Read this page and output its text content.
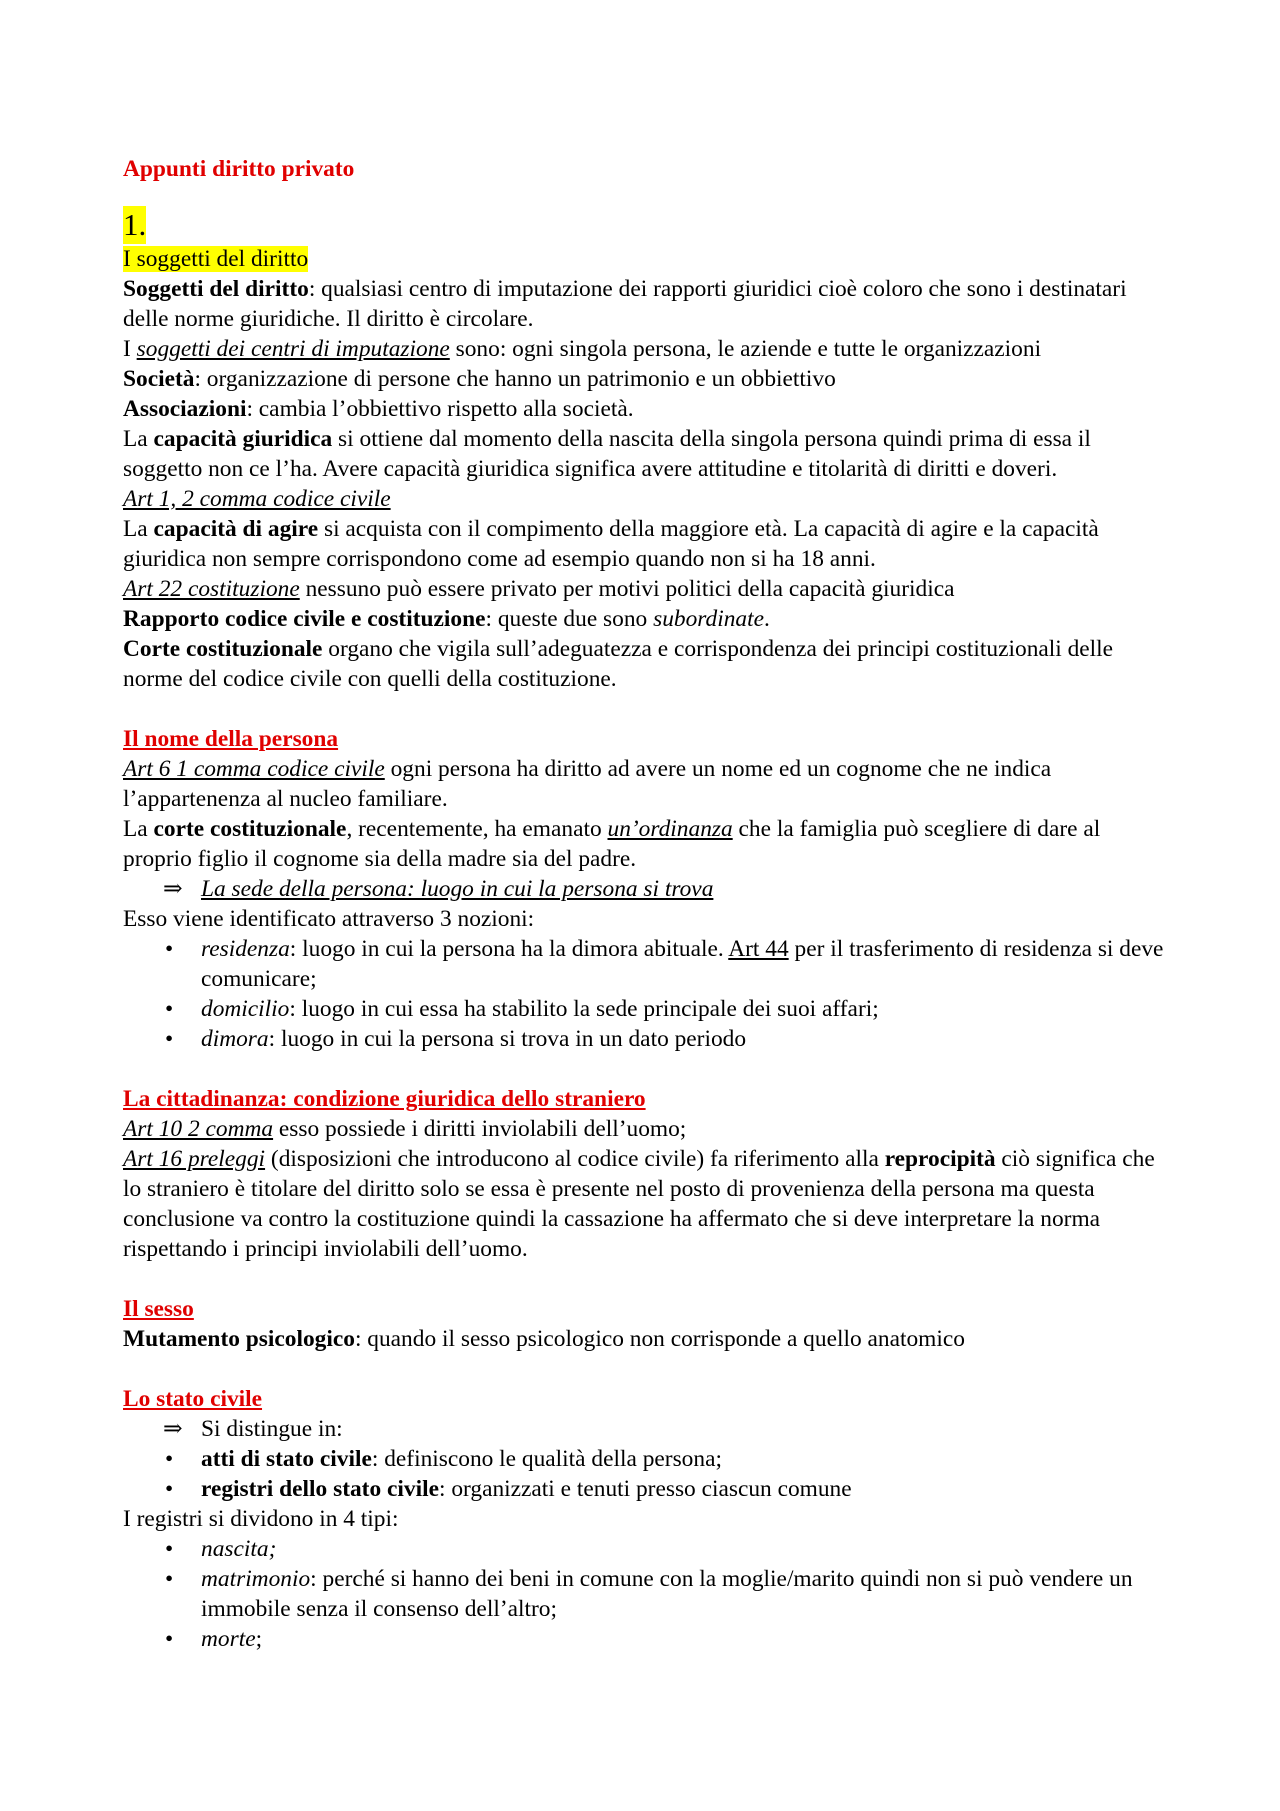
Appunti diritto privato

1.
I soggetti del diritto

Soggetti del diritto: qualsiasi centro di imputazione dei rapporti giuridici cioè coloro che sono i destinatari delle norme giuridiche. Il diritto è circolare.

I soggetti dei centri di imputazione sono: ogni singola persona, le aziende e tutte le organizzazioni

Società: organizzazione di persone che hanno un patrimonio e un obbiettivo

Associazioni: cambia l’obbiettivo rispetto alla società.

La capacità giuridica si ottiene dal momento della nascita della singola persona quindi prima di essa il soggetto non ce l’ha. Avere capacità giuridica significa avere attitudine e titolarità di diritti e doveri.

Art 1, 2 comma codice civile

La capacità di agire si acquista con il compimento della maggiore età. La capacità di agire e la capacità giuridica non sempre corrispondono come ad esempio quando non si ha 18 anni.

Art 22 costituzione nessuno può essere privato per motivi politici della capacità giuridica

Rapporto codice civile e costituzione: queste due sono subordinate.

Corte costituzionale organo che vigila sull’adeguatezza e corrispondenza dei principi costituzionali delle norme del codice civile con quelli della costituzione.

Il nome della persona

Art 6 1 comma codice civile ogni persona ha diritto ad avere un nome ed un cognome che ne indica l’appartenenza al nucleo familiare.

La corte costituzionale, recentemente, ha emanato un’ordinanza che la famiglia può scegliere di dare al proprio figlio il cognome sia della madre sia del padre.

⇒ La sede della persona: luogo in cui la persona si trova

Esso viene identificato attraverso 3 nozioni:

•	residenza: luogo in cui la persona ha la dimora abituale. Art 44 per il trasferimento di residenza si deve comunicare;
•	domicilio: luogo in cui essa ha stabilito la sede principale dei suoi affari;
•	dimora: luogo in cui la persona si trova in un dato periodo

La cittadinanza: condizione giuridica dello straniero

Art 10 2 comma esso possiede i diritti inviolabili dell’uomo;

Art 16 preleggi (disposizioni che introducono al codice civile) fa riferimento alla reprocipità ciò significa che lo straniero è titolare del diritto solo se essa è presente nel posto di provenienza della persona ma questa conclusione va contro la costituzione quindi la cassazione ha affermato che si deve interpretare la norma rispettando i principi inviolabili dell’uomo.

Il sesso

Mutamento psicologico: quando il sesso psicologico non corrisponde a quello anatomico

Lo stato civile

⇒ Si distingue in:
•	atti di stato civile: definiscono le qualità della persona;
•	registri dello stato civile: organizzati e tenuti presso ciascun comune

I registri si dividono in 4 tipi:

•	nascita;
•	matrimonio: perché si hanno dei beni in comune con la moglie/marito quindi non si può vendere un immobile senza il consenso dell’altro;
•	morte;
